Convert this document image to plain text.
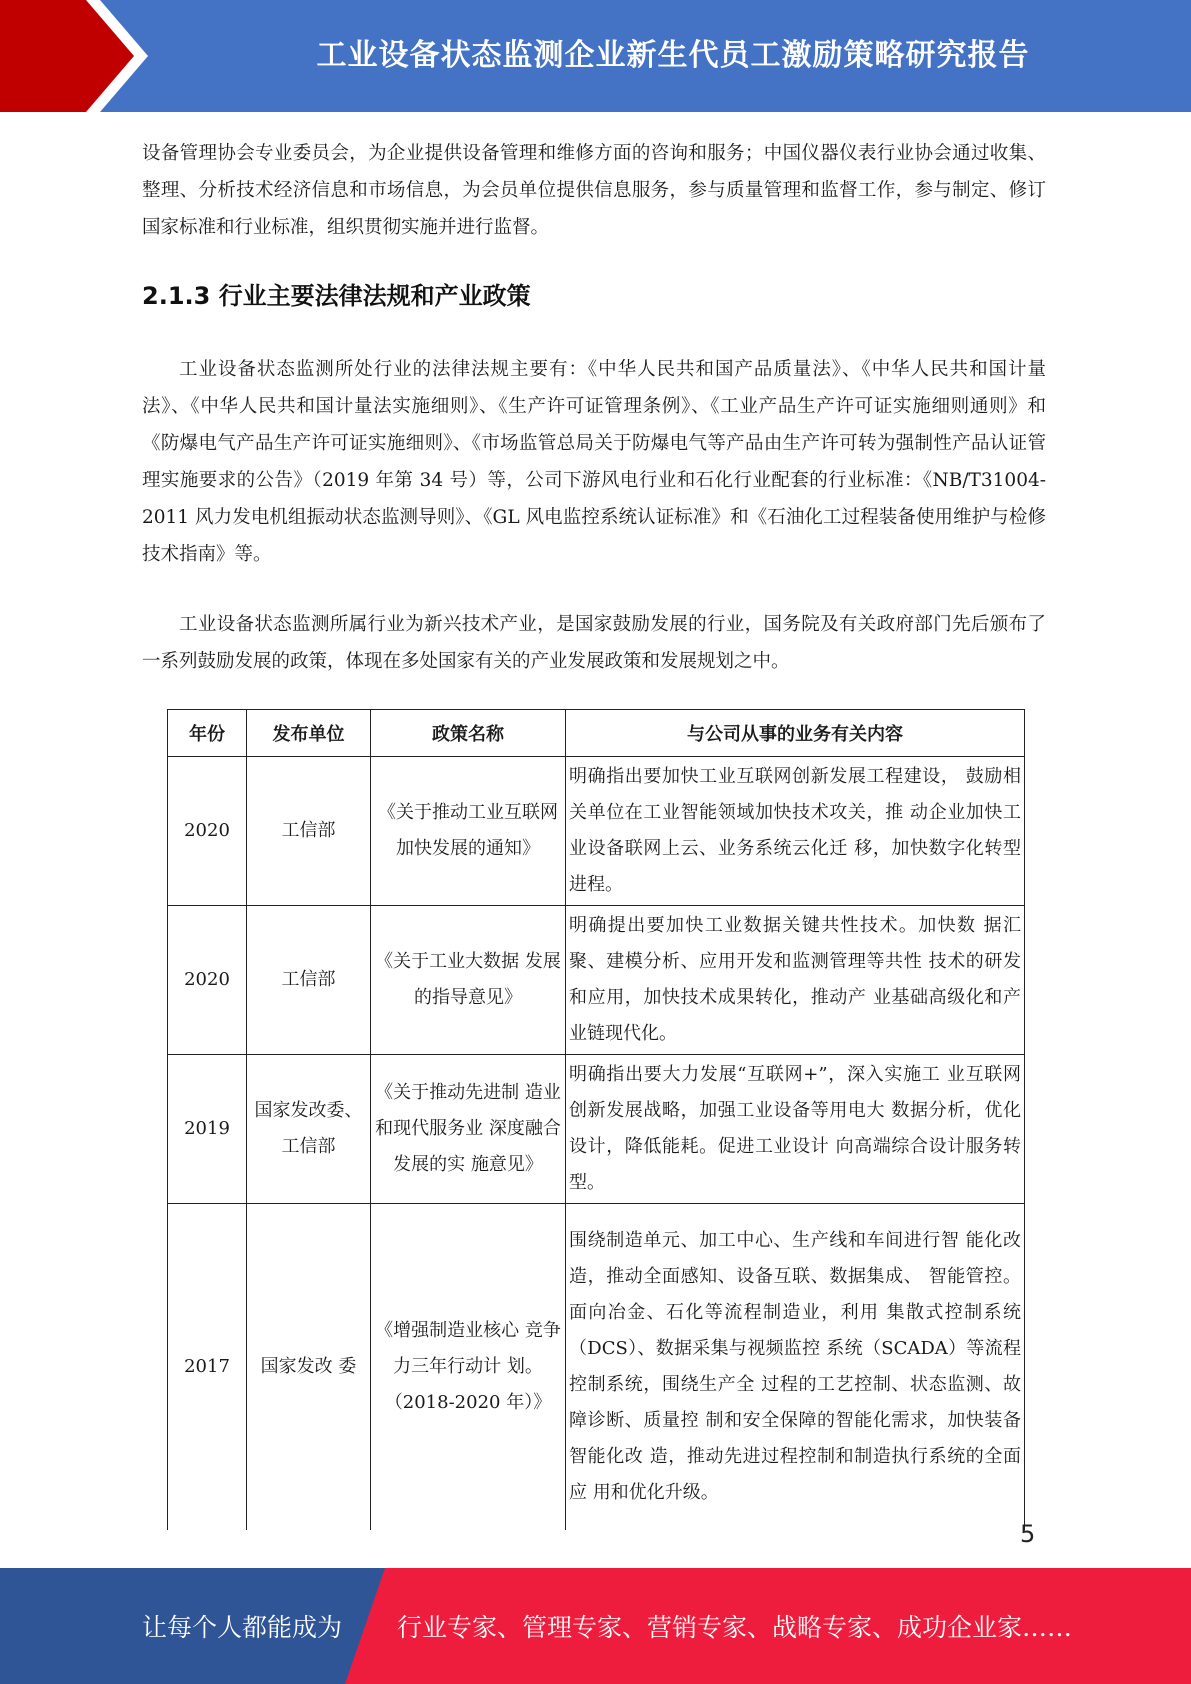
工业设备状态监测企业新生代员工激励策略研究报告

设备管理协会专业委员会，为企业提供设备管理和维修方面的咨询和服务；中国仪器仪表行业协会通过收集、整理、分析技术经济信息和市场信息，为会员单位提供信息服务，参与质量管理和监督工作，参与制定、修订国家标准和行业标准，组织贯彻实施并进行监督。

2.1.3 行业主要法律法规和产业政策

工业设备状态监测所处行业的法律法规主要有：《中华人民共和国产品质量法》、《中华人民共和国计量法》、《中华人民共和国计量法实施细则》、《生产许可证管理条例》、《工业产品生产许可证实施细则通则》和《防爆电气产品生产许可证实施细则》、《市场监管总局关于防爆电气等产品由生产许可转为强制性产品认证管理实施要求的公告》（2019 年第 34 号）等，公司下游风电行业和石化行业配套的行业标准：《NB/T31004-2011 风力发电机组振动状态监测导则》、《GL 风电监控系统认证标准》和《石油化工过程装备使用维护与检修技术指南》等。

工业设备状态监测所属行业为新兴技术产业，是国家鼓励发展的行业，国务院及有关政府部门先后颁布了一系列鼓励发展的政策，体现在多处国家有关的产业发展政策和发展规划之中。

年份	发布单位	政策名称	与公司从事的业务有关内容
2020	工信部	《关于推动工业互联网加快发展的通知》	明确指出要加快工业互联网创新发展工程建设， 鼓励相关单位在工业智能领域加快技术攻关，推 动企业加快工业设备联网上云、业务系统云化迁 移，加快数字化转型进程。
2020	工信部	《关于工业大数据 发展的指导意见》	明确提出要加快工业数据关键共性技术。加快数 据汇聚、建模分析、应用开发和监测管理等共性 技术的研发和应用，加快技术成果转化，推动产 业基础高级化和产业链现代化。
2019	国家发改委、工信部	《关于推动先进制 造业和现代服务业 深度融合发展的实 施意见》	明确指出要大力发展“互联网+”，深入实施工 业互联网创新发展战略，加强工业设备等用电大 数据分析，优化设计，降低能耗。促进工业设计 向高端综合设计服务转型。
2017	国家发改 委	《增强制造业核心 竞争力三年行动计 划。（2018-2020 年）》	围绕制造单元、加工中心、生产线和车间进行智 能化改造，推动全面感知、设备互联、数据集成、 智能管控。面向冶金、石化等流程制造业，利用 集散式控制系统（DCS）、数据采集与视频监控 系统（SCADA）等流程控制系统，围绕生产全 过程的工艺控制、状态监测、故障诊断、质量控 制和安全保障的智能化需求，加快装备智能化改 造，推动先进过程控制和制造执行系统的全面应 用和优化升级。
5
让每个人都能成为 行业专家、管理专家、营销专家、战略专家、成功企业家……
